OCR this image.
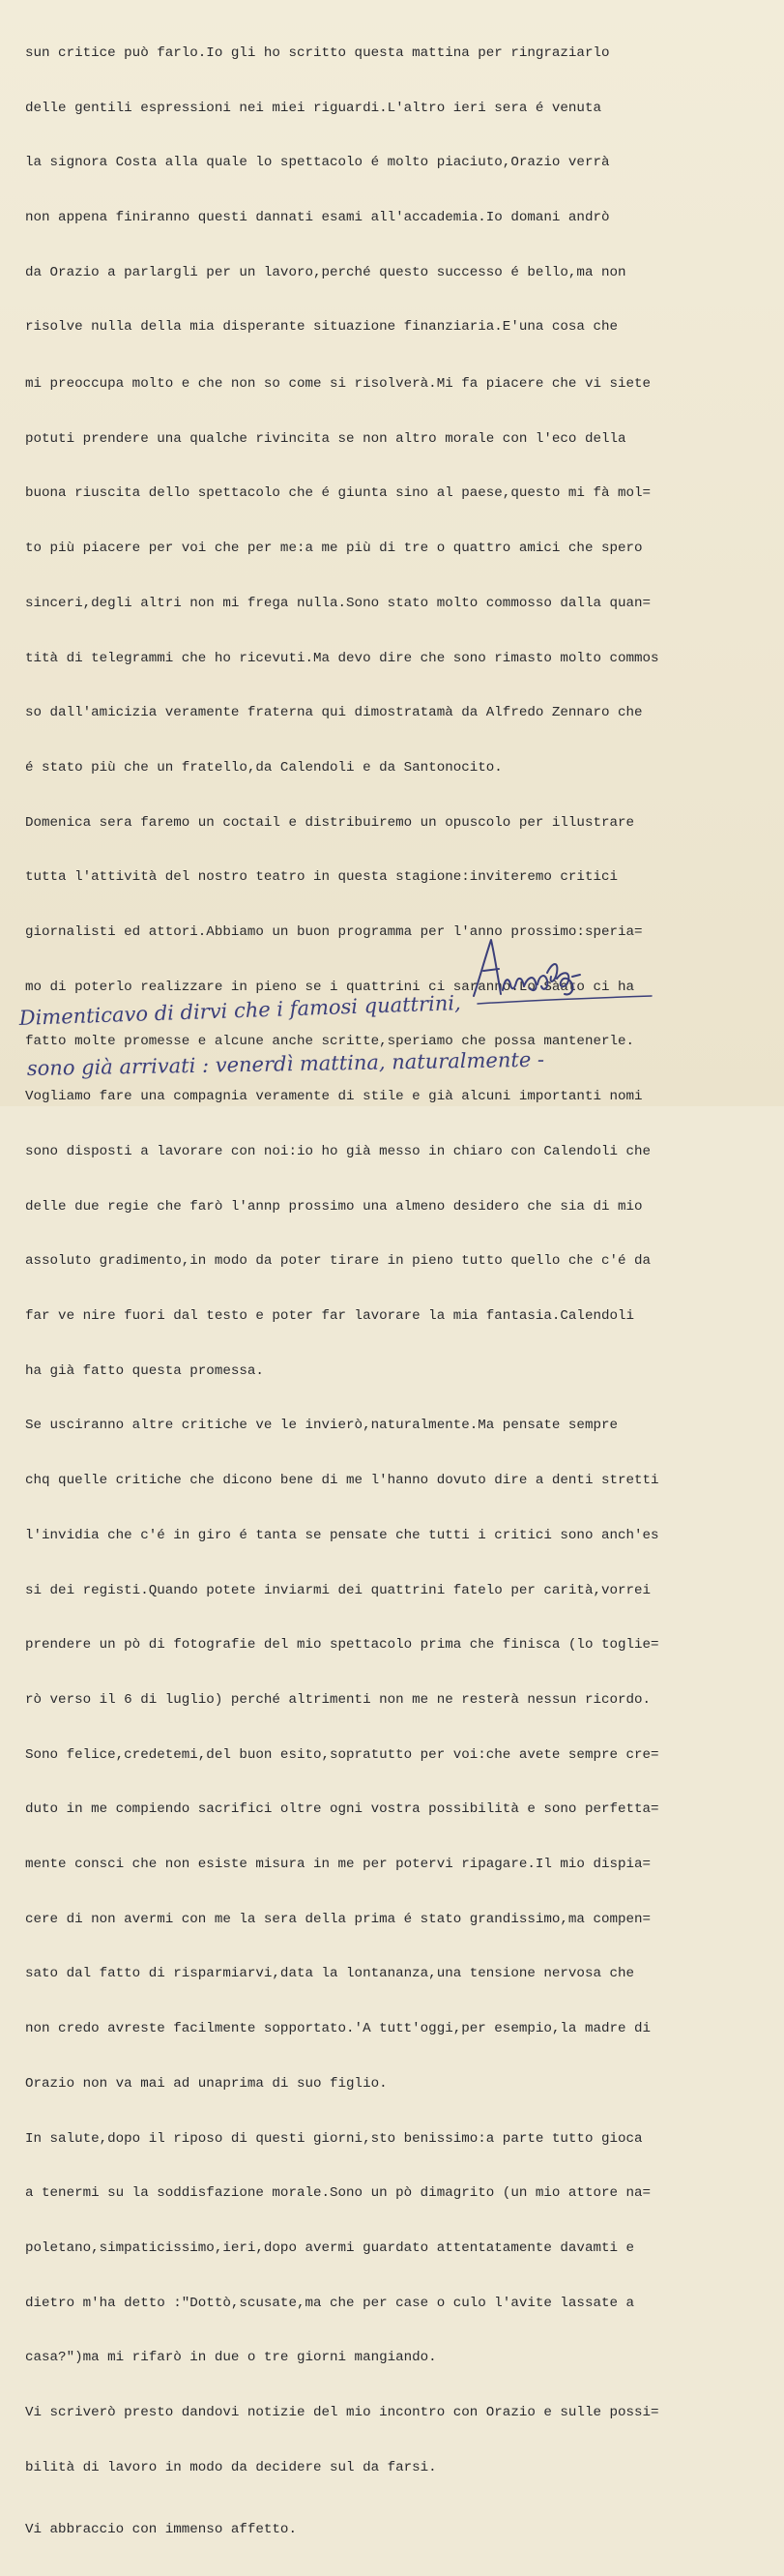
sun critice può farlo.Io gli ho scritto questa mattina per ringraziarlo

delle gentili espressioni nei miei riguardi.L'altro ieri sera é venuta

la signora Costa alla quale lo spettacolo é molto piaciuto,Orazio verrà

non appena finiranno questi dannati esami all'accademia.Io domani andrò

da Orazio a parlargli per un lavoro,perché questo successo é bello,ma non

risolve nulla della mia disperante situazione finanziaria.E'una cosa che

mi preoccupa molto e che non so come si risolverà.Mi fa piacere che vi siete

potuti prendere una qualche rivincita se non altro morale con l'eco della

buona riuscita dello spettacolo che é giunta sino al paese,questo mi fà mol=

to più piacere per voi che per me:a me più di tre o quattro amici che spero

sinceri,degli altri non mi frega nulla.Sono stato molto commosso dalla quan=

tità di telegrammi che ho ricevuti.Ma devo dire che sono rimasto molto commos

so dall'amicizia veramente fraterna qui dimostratamà da Alfredo Zennaro che

é stato più che un fratello,da Calendoli e da Santonocito.

Domenica sera faremo un coctail e distribuiremo un opuscolo per illustrare

tutta l'attività del nostro teatro in questa stagione:inviteremo critici

giornalisti ed attori.Abbiamo un buon programma per l'anno prossimo:speria=

mo di poterlo realizzare in pieno se i quattrini ci saranno.Lo Sàato ci ha

fatto molte promesse e alcune anche scritte,speriamo che possa mantenerle.

Vogliamo fare una compagnia veramente di stile e già alcuni importanti nomi

sono disposti a lavorare con noi:io ho già messo in chiaro con Calendoli che

delle due regie che farò l'annp prossimo una almeno desidero che sia di mio

assoluto gradimento,in modo da poter tirare in pieno tutto quello che c'é da

far ve nire fuori dal testo e poter far lavorare la mia fantasia.Calendoli

ha già fatto questa promessa.

Se usciranno altre critiche ve le invierò,naturalmente.Ma pensate sempre

chq quelle critiche che dicono bene di me l'hanno dovuto dire a denti stretti

l'invidia che c'é in giro é tanta se pensate che tutti i critici sono anch'es

si dei registi.Quando potete inviarmi dei quattrini fatelo per carità,vorrei

prendere un pò di fotografie del mio spettacolo prima che finisca (lo toglie=

rò verso il 6 di luglio) perché altrimenti non me ne resterà nessun ricordo.

Sono felice,credetemi,del buon esito,sopratutto per voi:che avete sempre cre=

duto in me compiendo sacrifici oltre ogni vostra possibilità e sono perfetta=

mente consci che non esiste misura in me per potervi ripagare.Il mio dispia=

cere di non avermi con me la sera della prima é stato grandissimo,ma compen=

sato dal fatto di risparmiarvi,data la lontananza,una tensione nervosa che

non credo avreste facilmente sopportato.'A tutt'oggi,per esempio,la madre di

Orazio non va mai ad unaprima di suo figlio.

In salute,dopo il riposo di questi giorni,sto benissimo:a parte tutto gioca

a tenermi su la soddisfazione morale.Sono un pò dimagrito (un mio attore na=

poletano,simpaticissimo,ieri,dopo avermi guardato attentatamente davamti e

dietro m'ha detto :"Dottò,scusate,ma che per case o culo l'avite lassate a

casa?")ma mi rifarò in due o tre giorni mangiando.

Vi scriverò presto dandovi notizie del mio incontro con Orazio e sulle possi=

bilità di lavoro in modo da decidere sul da farsi.

Vi abbraccio con immenso affetto.

Dimenticavo di dirvi che i famosi quattrini,
sono già arrivati : venerdì mattina, naturalmente -
